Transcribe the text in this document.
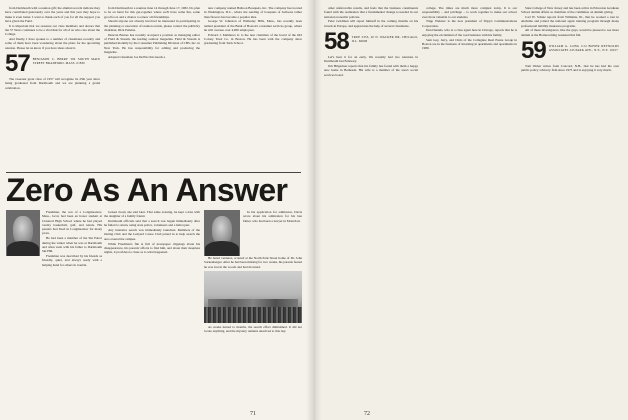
from Dartmouth with a reunion gift; the alumni records indicate they have contributed generously over the years and this year they hope to make it even better. I want to thank each of you for all the support you have given the Fund.

It is important that we reassure our class members and donors that the 57 News continues to be a vital link for all of us who care about the College.

And finally, I have spoken to a number of classmates recently and some of them have been wondering about the plans for the upcoming reunion. Please let us know if you have ideas about it.

57 BENJAMIN C. BERRY 300 SOUTH MAIN STREET BRADFORD, MASS. 01830

The sweetest great class of 1957 will recognize its 25th year since being graduated from Dartmouth and we are planning a grand celebration.

from Dartmouth in a reunion June 14 through June 17, 1982. Do plan to be on hand for this get-together where we'll have some fun, some good food, and a chance to renew old friendships.

Should anyone not already involved be interested in participating in the planning or execution of reunion events, please contact the publicity chairman, Dick Perkins.

Duncan Barnes has recently accepted a position as managing editor of Field & Stream, the leading outdoor magazine. Field & Stream is published monthly by the Consumer Publishing Division of CBS, Inc. in New York. He has responsibility for editing and producing the magazine.

Adopted classmate Joe DelVecchio heads a

new company named Balloon Bouquets, Inc. The company has located in Washington, D.C., where the sending of bouquets of balloons rather than flowers has become a popular idea.

George W. Johnston of Wellesley Hills, Mass., has recently been named president of the Bank of Boston's consumer services group, where he will oversee over 4,000 employees.

Edward J. Matthews Jr. is the new chairman of the board of the Old Colony Trust Co. in Boston. He has been with the company since graduating from Tuck School.

Zero As An Answer

Freshman, the son of a Longmeadow, Mass., local, had been an honor student at Classical High School where he had played varsity basketball, golf, and tennis. His parents had lived in Longmeadow for many years.

He had been a member of the Ski Patrol during the winter when he was at Dartmouth and often went with his father to Dartmouth Ski Hill.

Freshman was described by his friends as friendly, quiet, and always ready with a helping hand for others in trouble.

looked cloud, she said later. That same evening, he kept a date with the daughter of a family friend.

Dartmouth officials said that a search was begun immediately after he failed to return, using state police, volunteers and a helicopter.

Any intensive search was immediately launched. Members of the Outing Club and the Ledyard Canoe Club joined in to help search the area around the campus.

While Friedman's file is full of newspaper clippings about his disappearance, his parents' efforts to find him, and about their sleepless nights, it provides no clues as to what happened.

In his application for admission, Davis wrote about his admiration for his late father, who had been a lawyer in Montclair.

He hated ventures, scouted at the North Park Street home of Dr. John Sorkenberger. After he had been missing for two weeks, his parents feared he was lost in the woods and had drowned.

As weeks turned to months, the search effort diminished. It did not locate anything, and the mystery remains unsolved to this day.

71

other unfavorable results, and feels that the business constituents found with the realization that a fundamental change is needed in our national economic policies.

Peter Goldman will report himself in the coming months on his travels in Europe, and appreciates the help of several classmates.

58 TRUE 2353, 20 N. WACKER DR. CHICAGO, ILL. 60606

Let's hear it for an early. We recently had two reunions in Dartmouth last February.

Jim Hilgartner reports that his family has found with them a happy new home in Bethesda. His wife is a member of the area's social services board.

college. The times are much more complex today. It is our responsibility – and privilege – to work together to make our school ever more valuable to our students.

Tripp Webster is the new president of Tripp's Communications Corporation.

Dan Daniels, who is a class agent here in Chicago, reports that he is enjoying the excitement of the road business with his family.

Sam Gay, Jerry, and Chris of the Collegiate Real Estate Group in Boston are in the business of investing in apartments and apartments in 1980.

State College of New Jersey and has been active in Princeton Graduate School alumni affairs as chairman of the committee on alumni giving.

Carl W. Schatz reports from Williams, Ill., that he worked a tour in Alabama and joined the national agent training program through many professional liability insurance programs.

All of these investigators, like the guys, would be pleased to see more alumni at the Homecoming weekend this fall.

59 WILLIAM G. LONG C/O BOYER REYNOLDS ASSOCIATES 245 PARK AVE., N.Y., N.Y. 10017

Tom Weber writes from Concord, N.H., that he has had his own public-policy advisory firm since 1975 and is enjoying it very much.

72
